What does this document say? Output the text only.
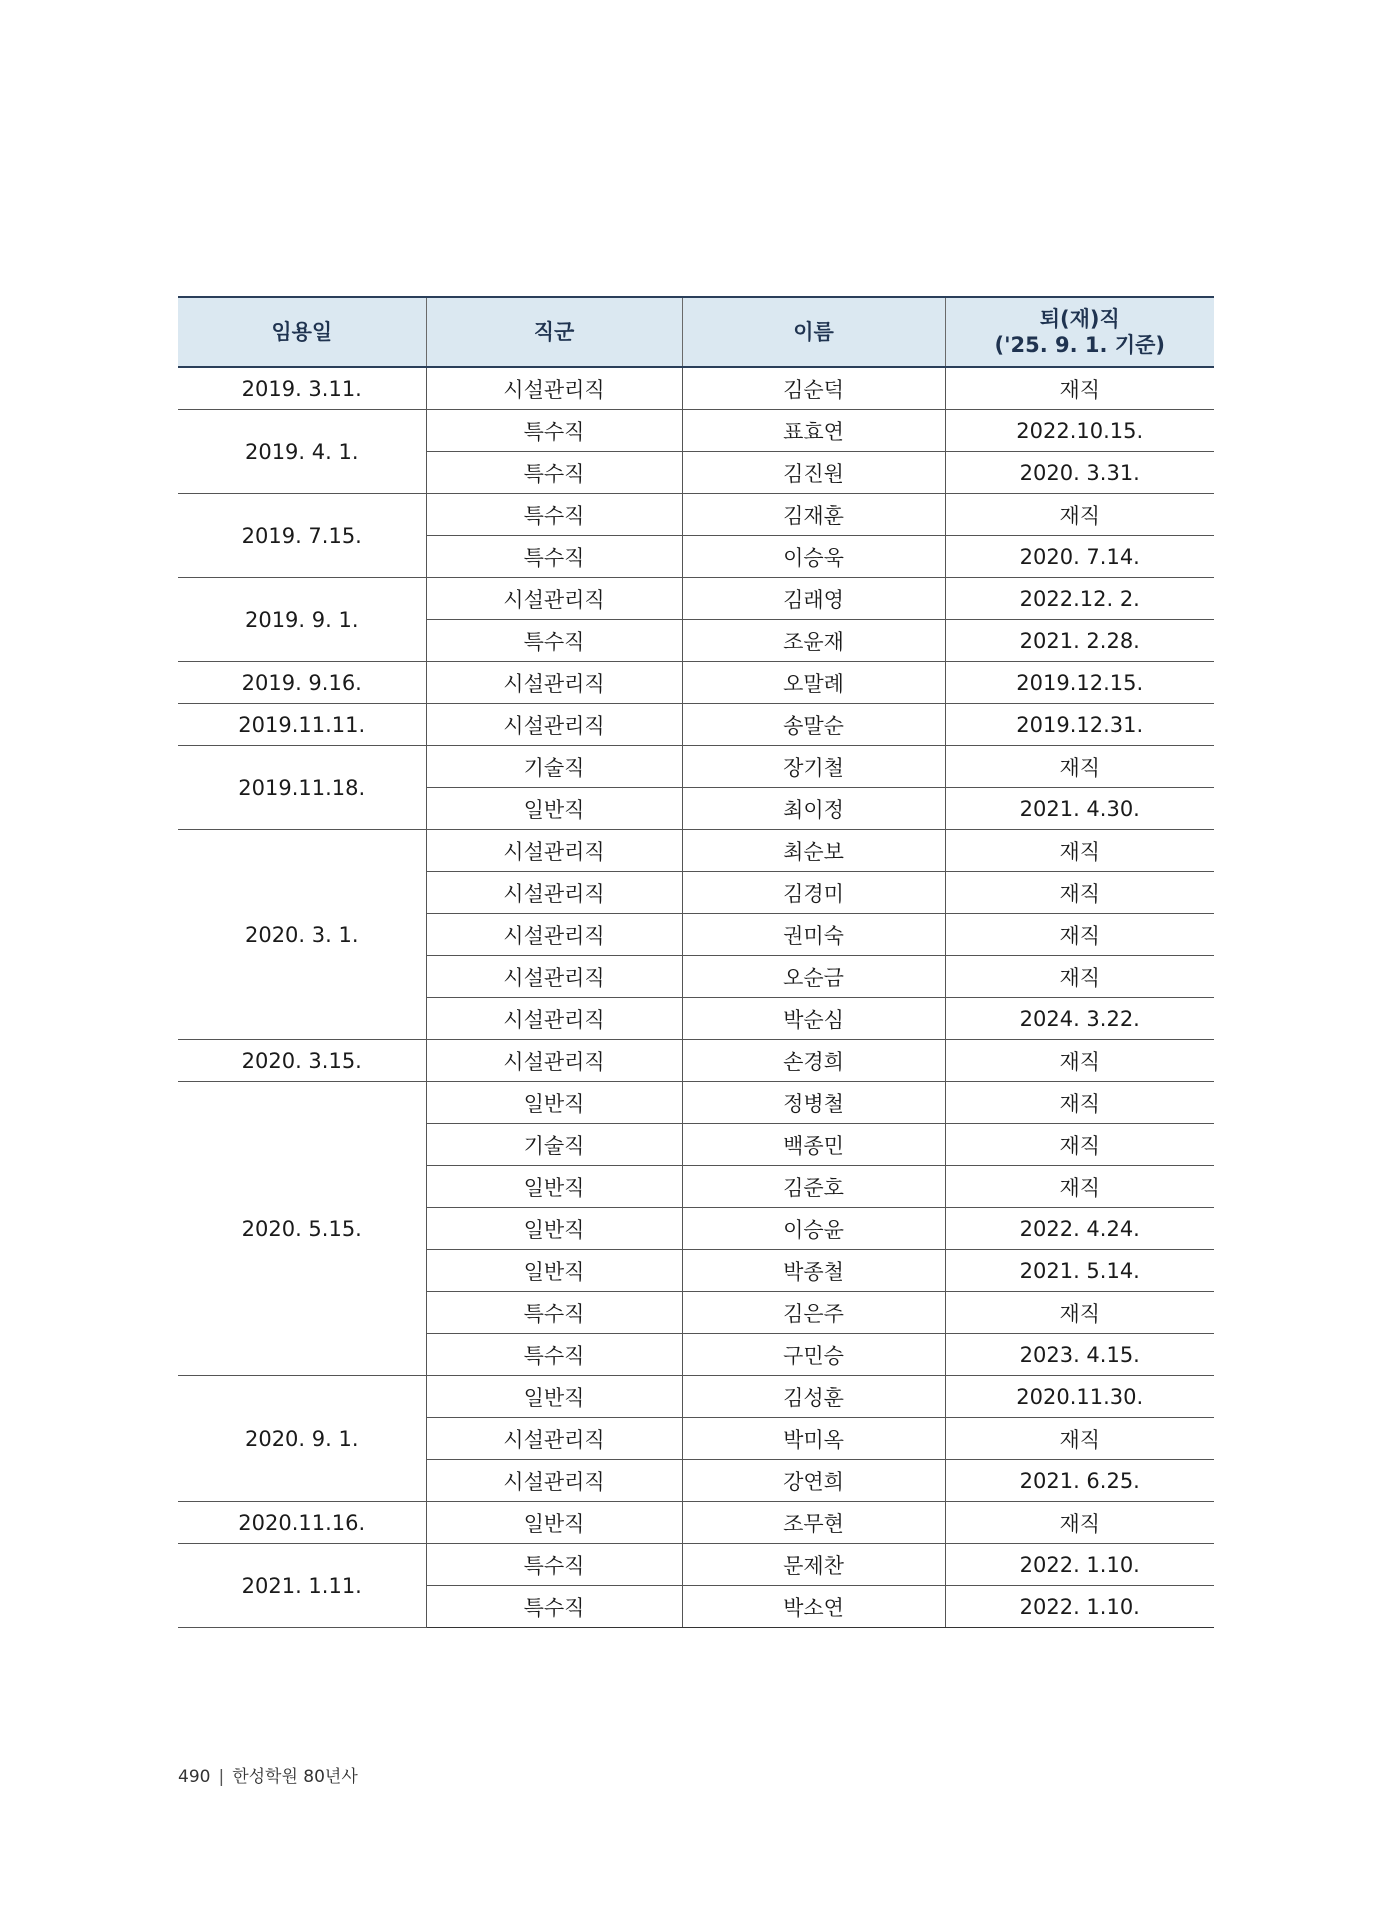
임용일	직군	이름	퇴(재)직
('25. 9. 1. 기준)

2019. 3.11.	시설관리직	김순덕	재직
2019. 4. 1.	특수직	표효연	2022.10.15.
	특수직	김진원	2020. 3.31.
2019. 7.15.	특수직	김재훈	재직
	특수직	이승욱	2020. 7.14.
2019. 9. 1.	시설관리직	김래영	2022.12. 2.
	특수직	조윤재	2021. 2.28.
2019. 9.16.	시설관리직	오말례	2019.12.15.
2019.11.11.	시설관리직	송말순	2019.12.31.
2019.11.18.	기술직	장기철	재직
	일반직	최이정	2021. 4.30.
2020. 3. 1.	시설관리직	최순보	재직
	시설관리직	김경미	재직
	시설관리직	권미숙	재직
	시설관리직	오순금	재직
	시설관리직	박순심	2024. 3.22.
2020. 3.15.	시설관리직	손경희	재직
2020. 5.15.	일반직	정병철	재직
	기술직	백종민	재직
	일반직	김준호	재직
	일반직	이승윤	2022. 4.24.
	일반직	박종철	2021. 5.14.
	특수직	김은주	재직
	특수직	구민승	2023. 4.15.
2020. 9. 1.	일반직	김성훈	2020.11.30.
	시설관리직	박미옥	재직
	시설관리직	강연희	2021. 6.25.
2020.11.16.	일반직	조무현	재직
2021. 1.11.	특수직	문제찬	2022. 1.10.
	특수직	박소연	2022. 1.10.
490 | 한성학원 80년사
